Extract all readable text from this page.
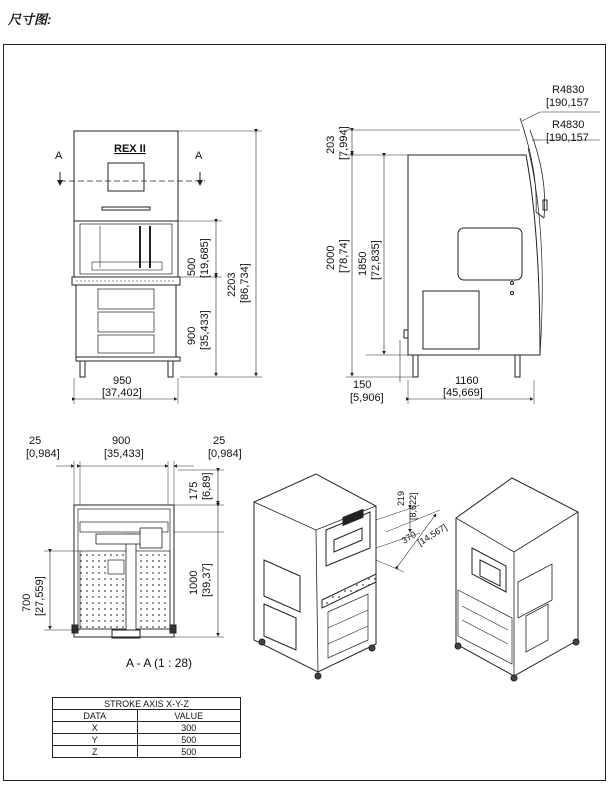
尺寸图:
A	A
REX II
500 [19,685]
900 [35,433]
2203 [86,734]
950
[37,402]
R4830
[190,157
R4830
[190,157
203 [7,994]
2000 [78,74] 1850 [72,835]
150
[5,906]
1160
[45,669]
25
[0,984]
900
[35,433]
25
[0,984]
175 [6,89]
1000 [39,37]
700 [27,559]
A - A (1 : 28)
219 [8,622]
370
[14,567]
STROKE AXIS X-Y-Z	
DATA	VALUE
X	300
Y	500
Z	500
